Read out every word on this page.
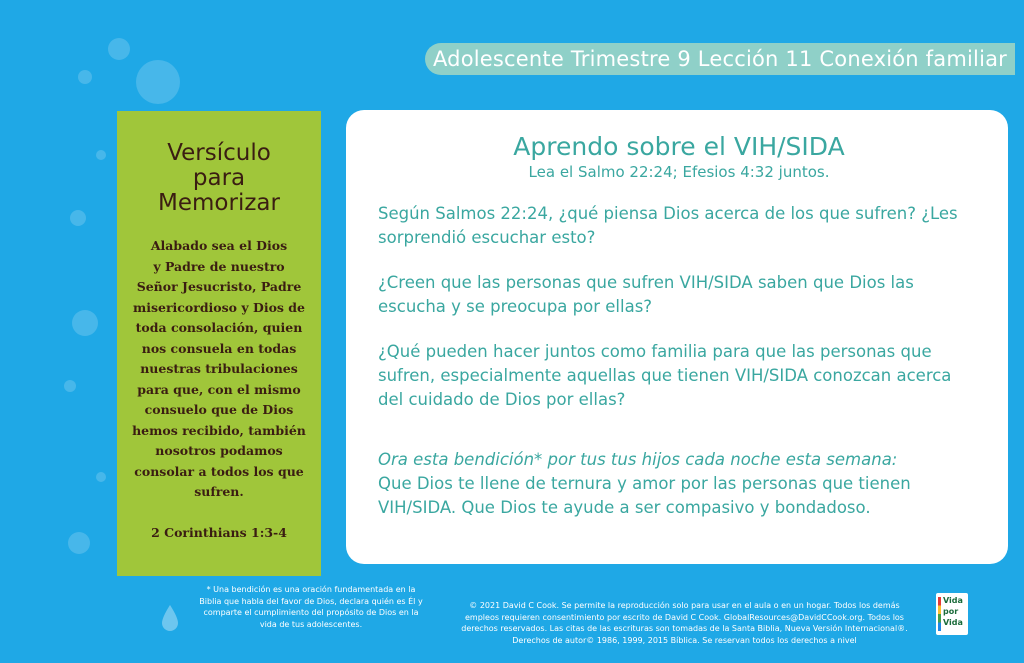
Adolescente Trimestre 9 Lección 11 Conexión familiar

Versículo
para
Memorizar

Alabado sea el Dios
y Padre de nuestro
Señor Jesucristo, Padre
misericordioso y Dios de
toda consolación, quien
nos consuela en todas
nuestras tribulaciones
para que, con el mismo
consuelo que de Dios
hemos recibido, también
nosotros podamos
consolar a todos los que
sufren.

2 Corinthians 1:3-4

Aprendo sobre el VIH/SIDA

Lea el Salmo 22:24; Efesios 4:32 juntos.

Según Salmos 22:24, ¿qué piensa Dios acerca de los que sufren? ¿Les sorprendió escuchar esto?

¿Creen que las personas que sufren VIH/SIDA saben que Dios las escucha y se preocupa por ellas?

¿Qué pueden hacer juntos como familia para que las personas que sufren, especialmente aquellas que tienen VIH/SIDA conozcan acerca del cuidado de Dios por ellas?

Ora esta bendición* por tus tus hijos cada noche esta semana:

Que Dios te llene de ternura y amor por las personas que tienen VIH/SIDA. Que Dios te ayude a ser compasivo y bondadoso.

* Una bendición es una oración fundamentada en la Biblia que habla del favor de Dios, declara quién es Él y comparte el cumplimiento del propósito de Dios en la vida de tus adolescentes.
© 2021 David C Cook. Se permite la reproducción solo para usar en el aula o en un hogar. Todos los demás empleos requieren consentimiento por escrito de David C Cook. GlobalResources@DavidCCook.org. Todos los derechos reservados. Las citas de las escrituras son tomadas de la Santa Biblia, Nueva Versión Internacional®. Derechos de autor© 1986, 1999, 2015 Bíblica. Se reservan todos los derechos a nivel
Vida
por
Vida
